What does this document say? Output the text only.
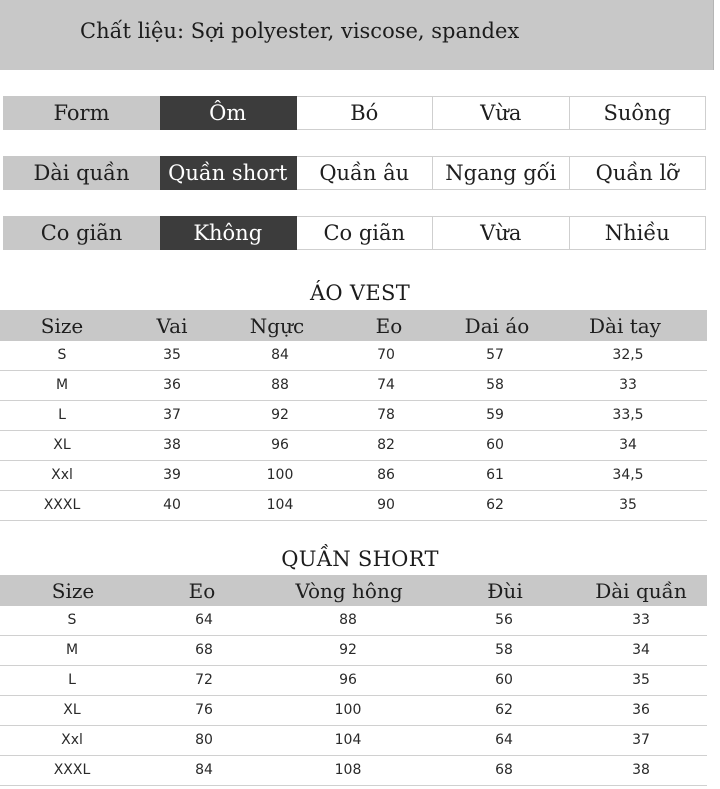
Chất liệu: Sợi polyester, viscose, spandex
Form	Ôm	Bó	Vừa	Suông
Dài quần	Quần short	Quần âu	Ngang gối	Quần lỡ
Co giãn	Không	Co giãn	Vừa	Nhiều
ÁO VEST
Size	Vai	Ngực	Eo	Dai áo	Dài tay
S	35	84	70	57	32,5
M	36	88	74	58	33
L	37	92	78	59	33,5
XL	38	96	82	60	34
Xxl	39	100	86	61	34,5
XXXL	40	104	90	62	35
QUẦN SHORT
Size	Eo	Vòng hông	Đùi	Dài quần
S	64	88	56	33
M	68	92	58	34
L	72	96	60	35
XL	76	100	62	36
Xxl	80	104	64	37
XXXL	84	108	68	38
